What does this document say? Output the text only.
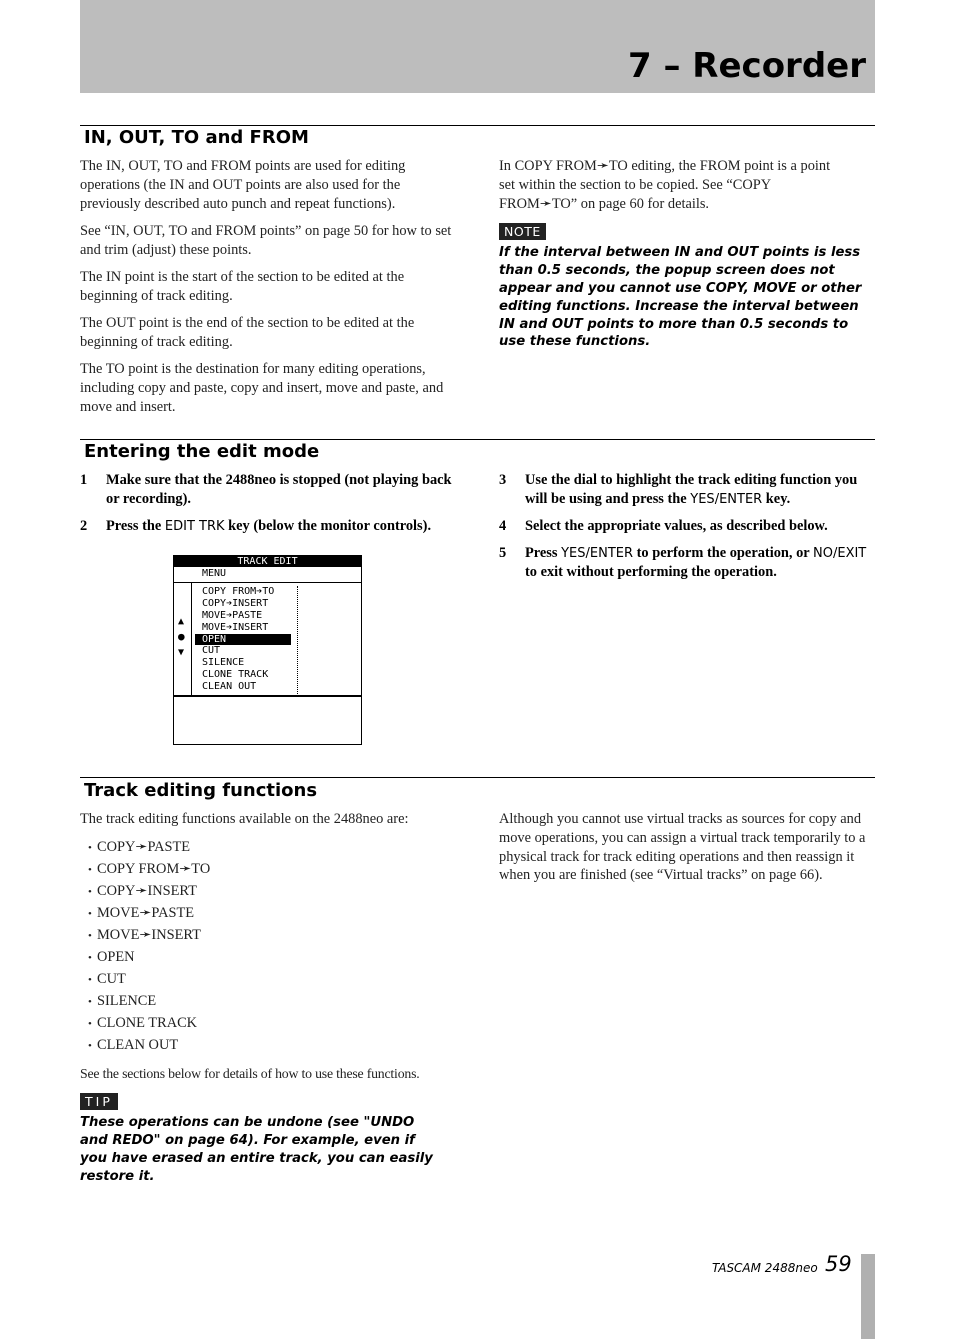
7 – Recorder
IN, OUT, TO and FROM

The IN, OUT, TO and FROM points are used for editing operations (the IN and OUT points are also used for the previously described auto punch and repeat functions).

See “IN, OUT, TO and FROM points” on page 50 for how to set and trim (adjust) these points.

The IN point is the start of the section to be edited at the beginning of track editing.

The OUT point is the end of the section to be edited at the beginning of track editing.

The TO point is the destination for many editing operations, including copy and paste, copy and insert, move and paste, and move and insert.

In COPY FROM➛TO editing, the FROM point is a point set within the section to be copied. See “COPY FROM➛TO” on page 60 for details.

NOTE
If the interval between IN and OUT points is less than 0.5 seconds, the popup screen does not appear and you cannot use COPY, MOVE or other editing functions. Increase the interval between IN and OUT points to more than 0.5 seconds to use these functions.
Entering the edit mode
1 Make sure that the 2488neo is stopped (not playing back or recording).
2 Press the EDIT TRK key (below the monitor controls).
3 Use the dial to highlight the track editing function you will be using and press the YES/ENTER key.
4 Select the appropriate values, as described below.
5 Press YES/ENTER to perform the operation, or NO/EXIT to exit without performing the operation.
TRACK EDIT
MENU
▲
●
▼
COPY FROM➔TO
COPY➔INSERT
MOVE➔PASTE
MOVE➔INSERT
OPEN
CUT
SILENCE
CLONE TRACK
CLEAN OUT
Track editing functions

The track editing functions available on the 2488neo are:

• COPY➛PASTE
• COPY FROM➛TO
• COPY➛INSERT
• MOVE➛PASTE
• MOVE➛INSERT
• OPEN
• CUT
• SILENCE
• CLONE TRACK
• CLEAN OUT

See the sections below for details of how to use these functions.

TIP
These operations can be undone (see "UNDO and REDO" on page 64). For example, even if you have erased an entire track, you can easily restore it.

Although you cannot use virtual tracks as sources for copy and move operations, you can assign a virtual track temporarily to a physical track for track editing operations and then reassign it when you are finished (see “Virtual tracks” on page 66).

TASCAM 2488neo 59
